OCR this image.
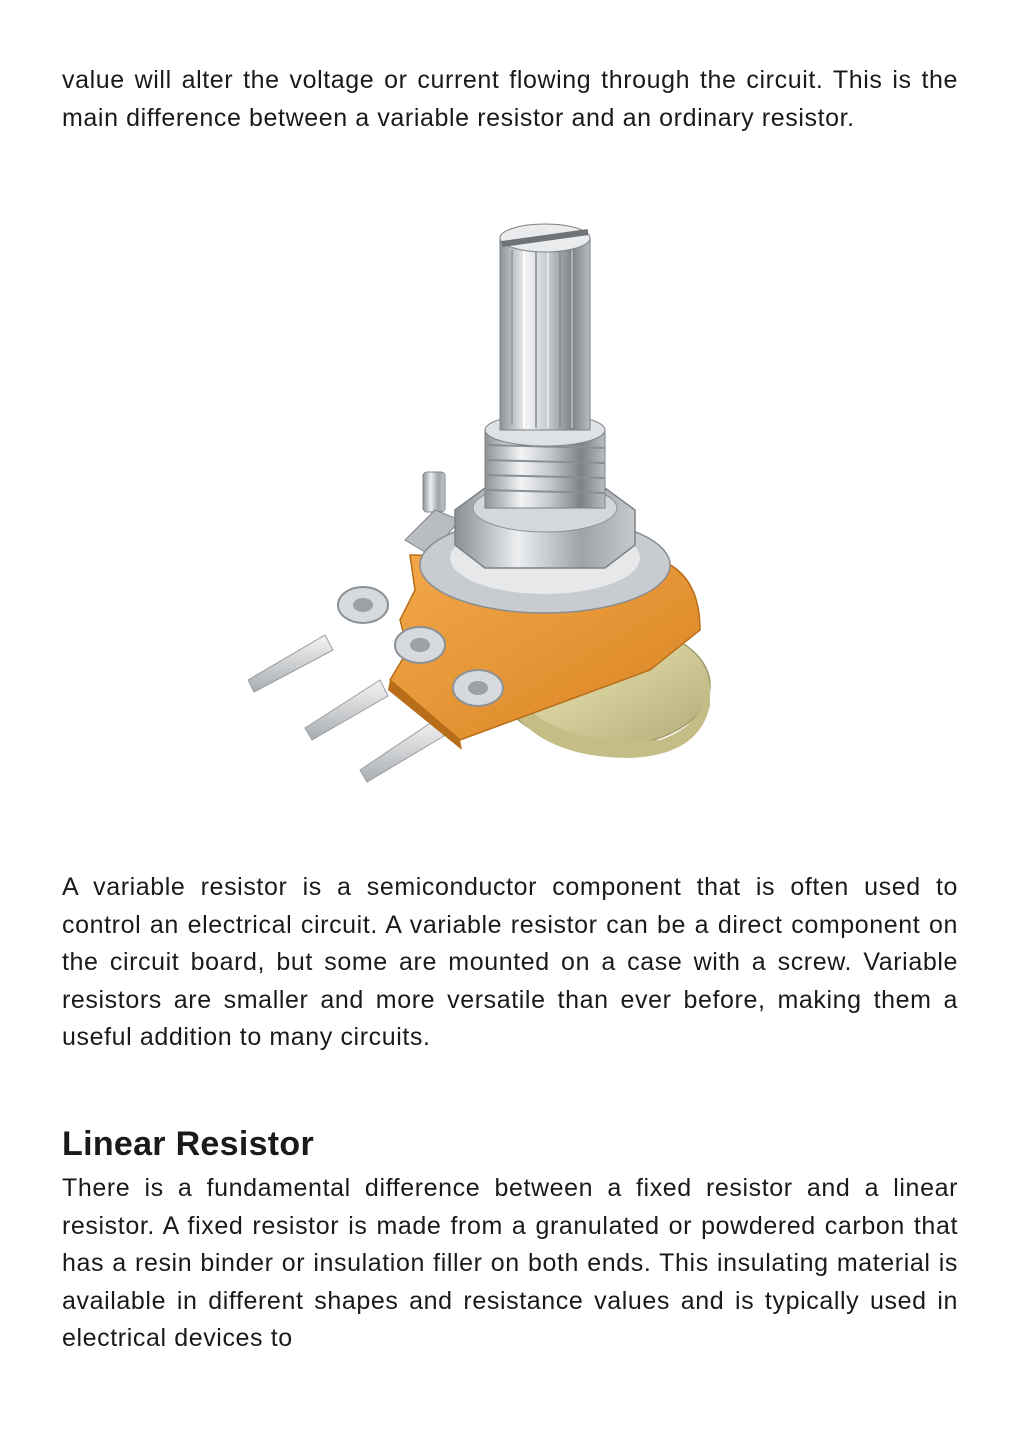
value will alter the voltage or current flowing through the circuit. This is the main difference between a variable resistor and an ordinary resistor.

A variable resistor is a semiconductor component that is often used to control an electrical circuit. A variable resistor can be a direct component on the circuit board, but some are mounted on a case with a screw. Variable resistors are smaller and more versatile than ever before, making them a useful addition to many circuits.

Linear Resistor

There is a fundamental difference between a fixed resistor and a linear resistor. A fixed resistor is made from a granulated or powdered carbon that has a resin binder or insulation filler on both ends. This insulating material is available in different shapes and resistance values and is typically used in electrical devices to
